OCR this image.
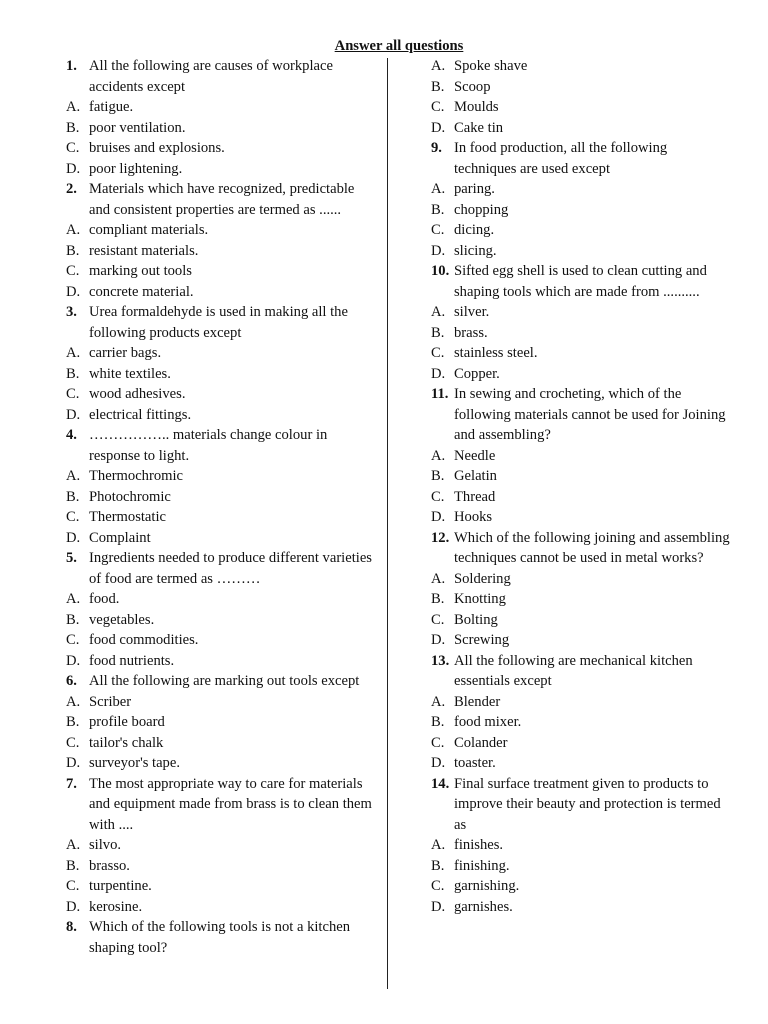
Answer all questions
1. All the following are causes of workplace accidents except
A. fatigue.
B. poor ventilation.
C. bruises and explosions.
D. poor lightening.
2. Materials which have recognized, predictable and consistent properties are termed as ......
A. compliant materials.
B. resistant materials.
C. marking out tools
D. concrete material.
3. Urea formaldehyde is used in making all the following products except
A. carrier bags.
B. white textiles.
C. wood adhesives.
D. electrical fittings.
4. …………….. materials change colour in response to light.
A. Thermochromic
B. Photochromic
C. Thermostatic
D. Complaint
5. Ingredients needed to produce different varieties of food are termed as ………
A. food.
B. vegetables.
C. food commodities.
D. food nutrients.
6. All the following are marking out tools except
A. Scriber
B. profile board
C. tailor's chalk
D. surveyor's tape.
7. The most appropriate way to care for materials and equipment made from brass is to clean them with ....
A. silvo.
B. brasso.
C. turpentine.
D. kerosine.
8. Which of the following tools is not a kitchen shaping tool?
A. Spoke shave
B. Scoop
C. Moulds
D. Cake tin
9. In food production, all the following techniques are used except
A. paring.
B. chopping
C. dicing.
D. slicing.
10. Sifted egg shell is used to clean cutting and shaping tools which are made from ..........
A. silver.
B. brass.
C. stainless steel.
D. Copper.
11. In sewing and crocheting, which of the following materials cannot be used for Joining and assembling?
A. Needle
B. Gelatin
C. Thread
D. Hooks
12. Which of the following joining and assembling techniques cannot be used in metal works?
A. Soldering
B. Knotting
C. Bolting
D. Screwing
13. All the following are mechanical kitchen essentials except
A. Blender
B. food mixer.
C. Colander
D. toaster.
14. Final surface treatment given to products to improve their beauty and protection is termed as
A. finishes.
B. finishing.
C. garnishing.
D. garnishes.
